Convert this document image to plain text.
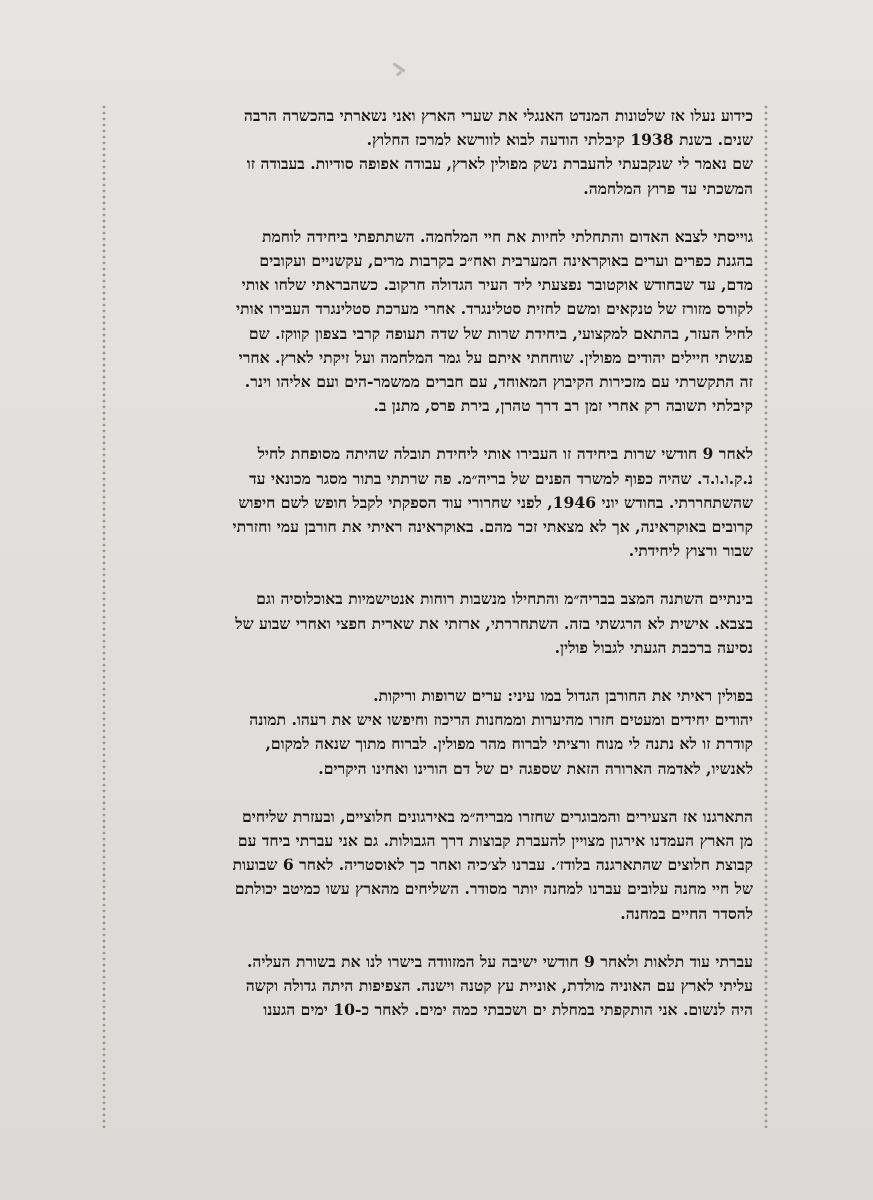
כידוע נעלו אז שלטונות המנדט האנגלי את שערי הארץ ואני נשארתי בהכשרה הרבה
שנים. בשנת 1938 קיבלתי הודעה לבוא לוורשא למרכז החלוץ.
שם נאמר לי שנקבעתי להעברת נשק מפולין לארץ, עבודה אפופה סודיות. בעבודה זו
המשכתי עד פרוץ המלחמה.
גוייסתי לצבא האדום והתחלתי לחיות את חיי המלחמה. השתתפתי ביחידה לוחמת
בהגנת כפרים וערים באוקראינה המערבית ואח״כ בקרבות מרים, עקשניים ועקובים
מדם, עד שבחודש אוקטובר נפצעתי ליד העיר הגדולה חרקוב. כשהבראתי שלחו אותי
לקורס מזורז של טנקאים ומשם לחזית סטלינגרד. אחרי מערכת סטלינגרד העבירו אותי
לחיל העזר, בהתאם למקצועי, ביחידת שרות של שדה תעופה קרבי בצפון קווקז. שם
פגשתי חיילים יהודים מפולין. שוחחתי איתם על גמר המלחמה ועל זיקתי לארץ. אחרי
זה התקשרתי עם מזכירות הקיבוץ המאוחד, עם חברים ממשמר-הים ועם אליהו וינר.
קיבלתי תשובה רק אחרי זמן רב דרך טהרן, בירת פרס, מתנן ב.
לאחר 9 חודשי שרות ביחידה זו העבירו אותי ליחידת תובלה שהיתה מסופחת לחיל
נ.ק.ו.ו.ד. שהיה כפוף למשרד הפנים של בריה״מ. פה שרתתי בתור מסגר מכונאי עד
שהשתחררתי. בחודש יוני 1946, לפני שחרורי עוד הספקתי לקבל חופש לשם חיפוש
קרובים באוקראינה, אך לא מצאתי זכר מהם. באוקראינה ראיתי את חורבן עמי וחזרתי
שבור ורצוץ ליחידתי.
בינתיים השתנה המצב בבריה״מ והתחילו מנשבות רוחות אנטישמיות באוכלוסיה וגם
בצבא. אישית לא הרגשתי בזה. השתחררתי, ארזתי את שארית חפצי ואחרי שבוע של
נסיעה ברכבת הגעתי לגבול פולין.
בפולין ראיתי את החורבן הגדול במו עיני: ערים שרופות וריקות.
יהודים יחידים ומעטים חזרו מהיערות וממחנות הריכוז וחיפשו איש את רעהו. תמונה
קודרת זו לא נתנה לי מנוח ורציתי לברוח מהר מפולין. לברוח מתוך שנאה למקום,
לאנשיו, לאדמה הארורה הזאת שספגה ים של דם הורינו ואחינו היקרים.
התארגנו אז הצעירים והמבוגרים שחזרו מבריה״מ באירגונים חלוציים, ובעזרת שליחים
מן הארץ העמדנו אירגון מצויין להעברת קבוצות דרך הגבולות. גם אני עברתי ביחד עם
קבוצת חלוצים שהתארגנה בלודז׳. עברנו לצ׳כיה ואחר כך לאוסטריה. לאחר 6 שבועות
של חיי מחנה עלובים עברנו למחנה יותר מסודר. השליחים מהארץ עשו כמיטב יכולתם
להסדר החיים במחנה.
עברתי עוד תלאות ולאחר 9 חודשי ישיבה על המזוודה בישרו לנו את בשורת העליה.
עליתי לארץ עם האוניה מולדת, אוניית עץ קטנה וישנה. הצפיפות היתה גדולה וקשה
היה לנשום. אני הותקפתי במחלת ים ושכבתי כמה ימים. לאחר כ-10 ימים הגענו
